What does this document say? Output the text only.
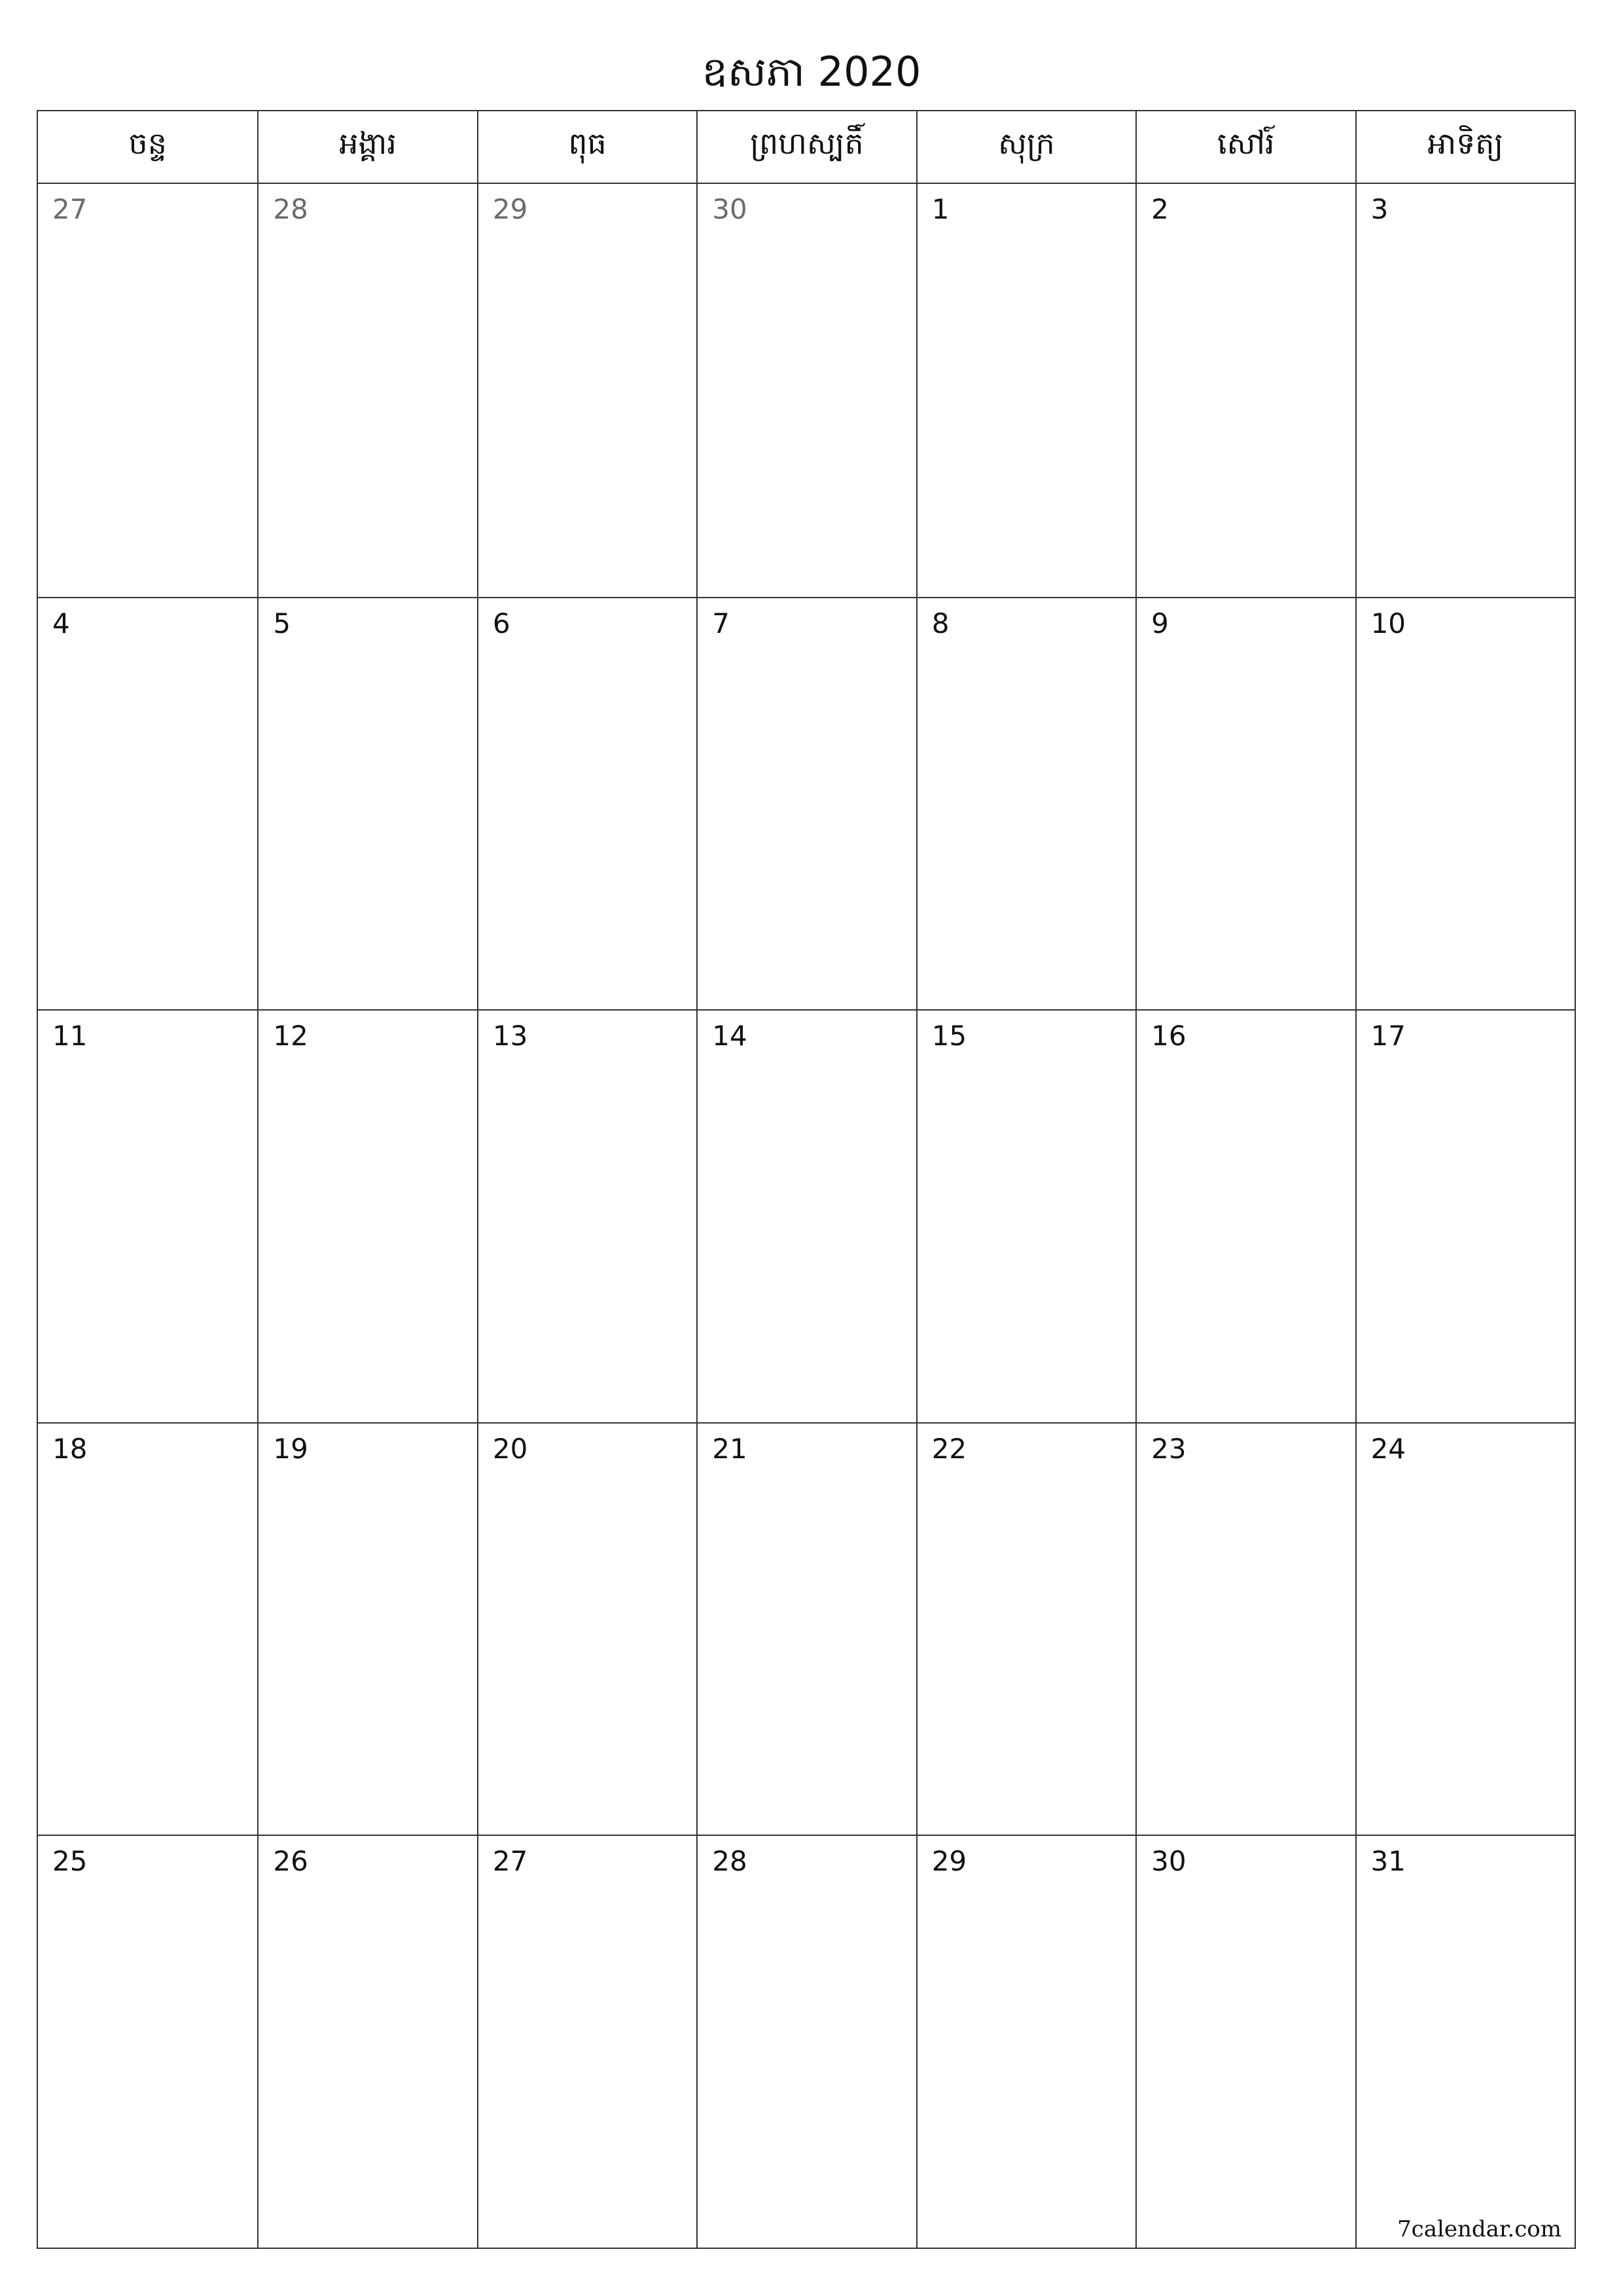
ឧសភា 2020
ចន្ទ	អង្គារ	ពុធ	ព្រហស្បតិ៍	សុក្រ	សៅរ៍	អាទិត្យ
27	28	29	30	1	2	3
4	5	6	7	8	9	10
11	12	13	14	15	16	17
18	19	20	21	22	23	24
25	26	27	28	29	30	31
7calendar.com
